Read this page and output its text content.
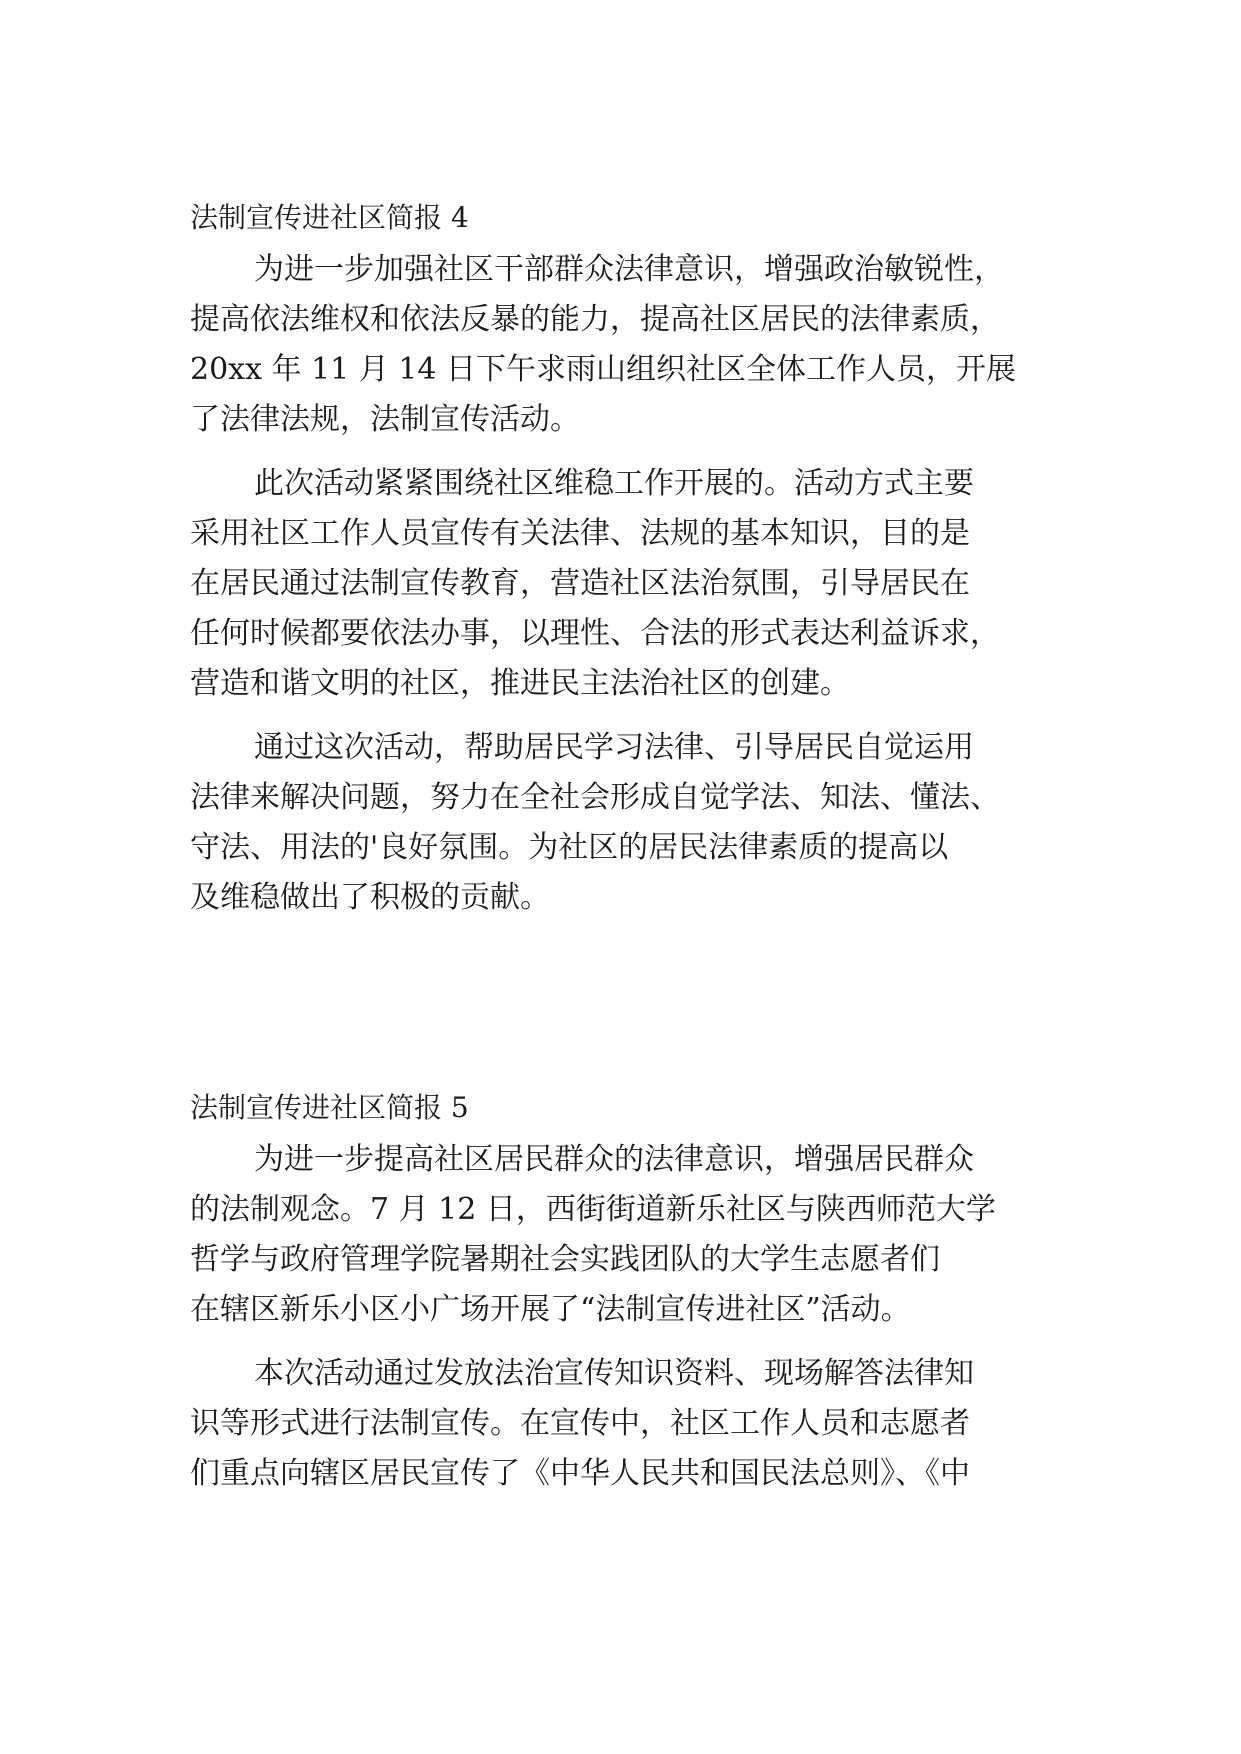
法制宣传进社区简报 4
为进一步加强社区干部群众法律意识，增强政治敏锐性，
提高依法维权和依法反暴的能力，提高社区居民的法律素质，
20xx 年 11 月 14 日下午求雨山组织社区全体工作人员，开展
了法律法规，法制宣传活动。
此次活动紧紧围绕社区维稳工作开展的。活动方式主要
采用社区工作人员宣传有关法律、法规的基本知识，目的是
在居民通过法制宣传教育，营造社区法治氛围，引导居民在
任何时候都要依法办事，以理性、合法的形式表达利益诉求，
营造和谐文明的社区，推进民主法治社区的创建。
通过这次活动，帮助居民学习法律、引导居民自觉运用
法律来解决问题，努力在全社会形成自觉学法、知法、懂法、
守法、用法的'良好氛围。为社区的居民法律素质的提高以
及维稳做出了积极的贡献。
法制宣传进社区简报 5
为进一步提高社区居民群众的法律意识，增强居民群众
的法制观念。7 月 12 日，西街街道新乐社区与陕西师范大学
哲学与政府管理学院暑期社会实践团队的大学生志愿者们
在辖区新乐小区小广场开展了“法制宣传进社区”活动。
本次活动通过发放法治宣传知识资料、现场解答法律知
识等形式进行法制宣传。在宣传中，社区工作人员和志愿者
们重点向辖区居民宣传了《中华人民共和国民法总则》、《中
